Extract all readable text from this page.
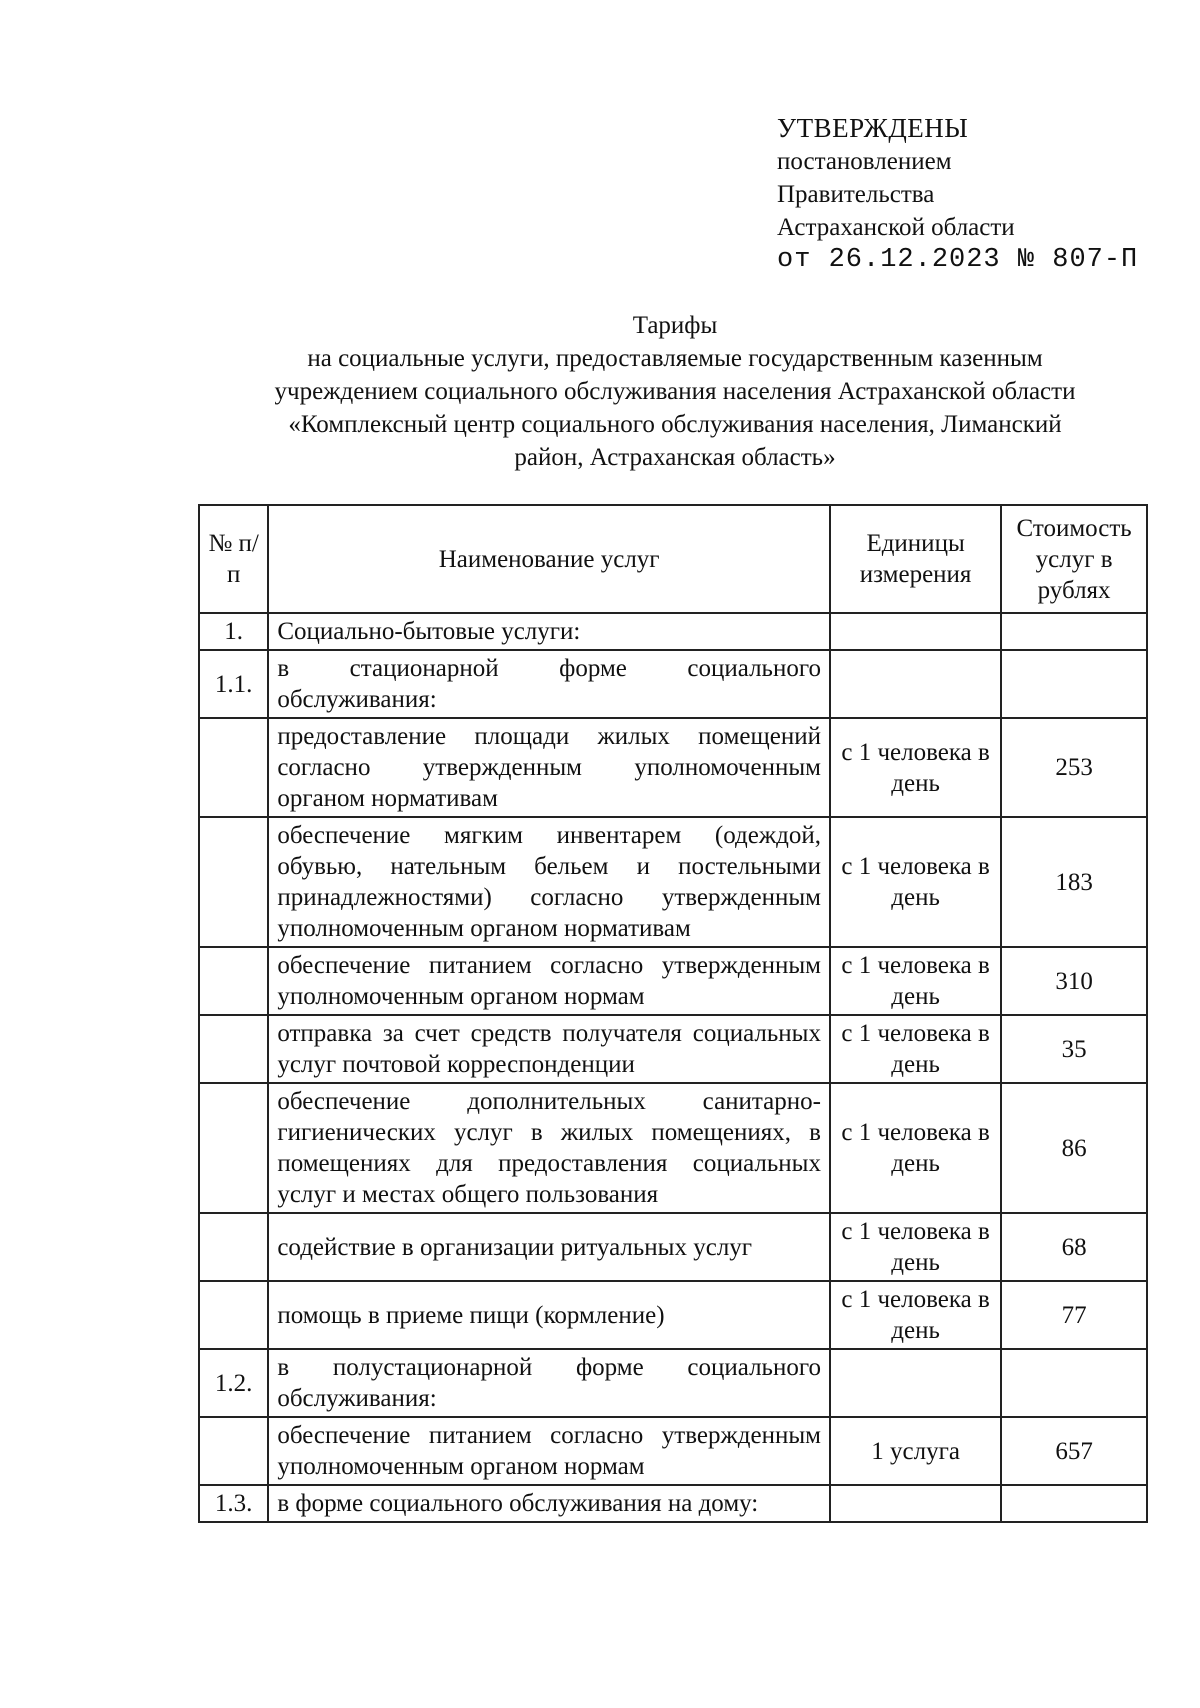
УТВЕРЖДЕНЫ
постановлением
Правительства
Астраханской области
от 26.12.2023 № 807-П
Тарифы
на социальные услуги, предоставляемые государственным казенным
учреждением социального обслуживания населения Астраханской области
«Комплексный центр социального обслуживания населения, Лиманский
район, Астраханская область»
№ п/п	Наименование услуг	Единицы измерения	Стоимость услуг в рублях
1.	Социально-бытовые услуги:		
1.1.	в стационарной форме социального обслуживания:		
	предоставление площади жилых помещений согласно утвержденным уполномоченным органом нормативам	с 1 человека в день	253
	обеспечение мягким инвентарем (одеждой, обувью, нательным бельем и постельными принадлежностями) согласно утвержденным уполномоченным органом нормативам	с 1 человека в день	183
	обеспечение питанием согласно утвержденным уполномоченным органом нормам	с 1 человека в день	310
	отправка за счет средств получателя социальных услуг почтовой корреспонденции	с 1 человека в день	35
	обеспечение дополнительных санитарно-гигиенических услуг в жилых помещениях, в помещениях для предоставления социальных услуг и местах общего пользования	с 1 человека в день	86
	содействие в организации ритуальных услуг	с 1 человека в день	68
	помощь в приеме пищи (кормление)	с 1 человека в день	77
1.2.	в полустационарной форме социального обслуживания:		
	обеспечение питанием согласно утвержденным уполномоченным органом нормам	1 услуга	657
1.3.	в форме социального обслуживания на дому:		
